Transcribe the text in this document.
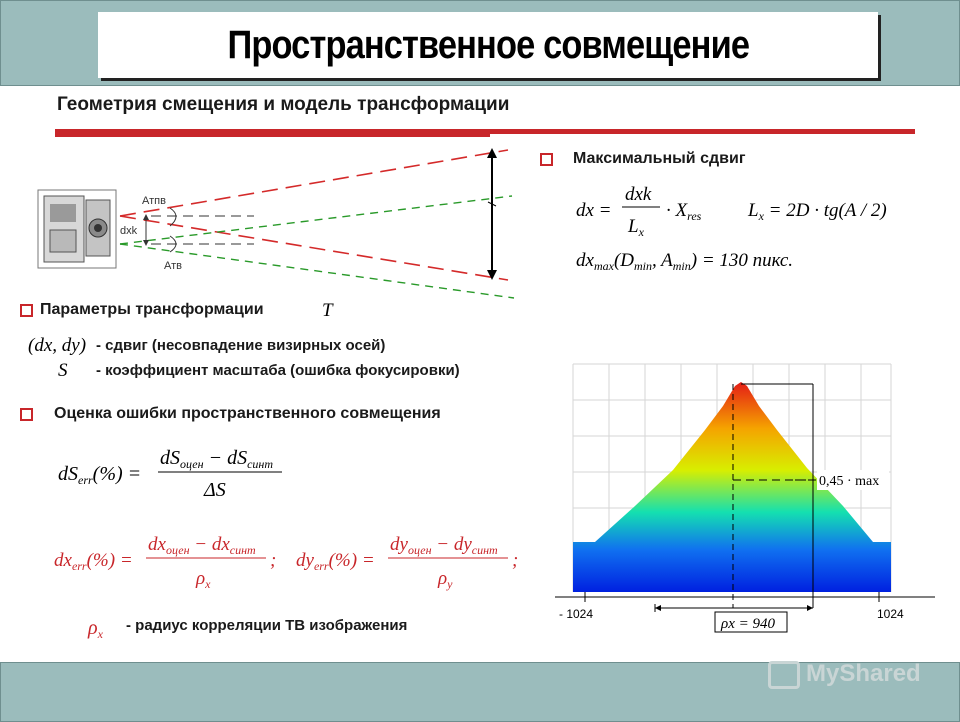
Пространственное совмещение
Геометрия смещения и модель трансформации
Атпв
dxk
Атв
Максимальный сдвиг
dx =
dxk
$L_x$
· $X_{res}$ $L_x = 2D \cdot tg(A / 2)$
$dx_{max}(D_{min}$, $A_{min}) = 130$ пикс.
Параметры трансформации	T
(dx, dy) - сдвиг (несовпадение визирных осей)
S - коэффициент масштаба (ошибка фокусировки)
Оценка ошибки пространственного совмещения
$dS_{err}(\%)$ =
$dS_{оцен} - dS_{синт}$
ΔS
$dx_{err}(\%)$ =
$dx_{оцен} - dx_{синт}$
$\rho_x$
; $dy_{err}(\%)$ =
$dy_{оцен} - dy_{синт}$
$\rho_y$
;
$\rho_x$ - радиус корреляции ТВ изображения
- 1024	1024
ρx = 940
0,45 · max
MyShared
